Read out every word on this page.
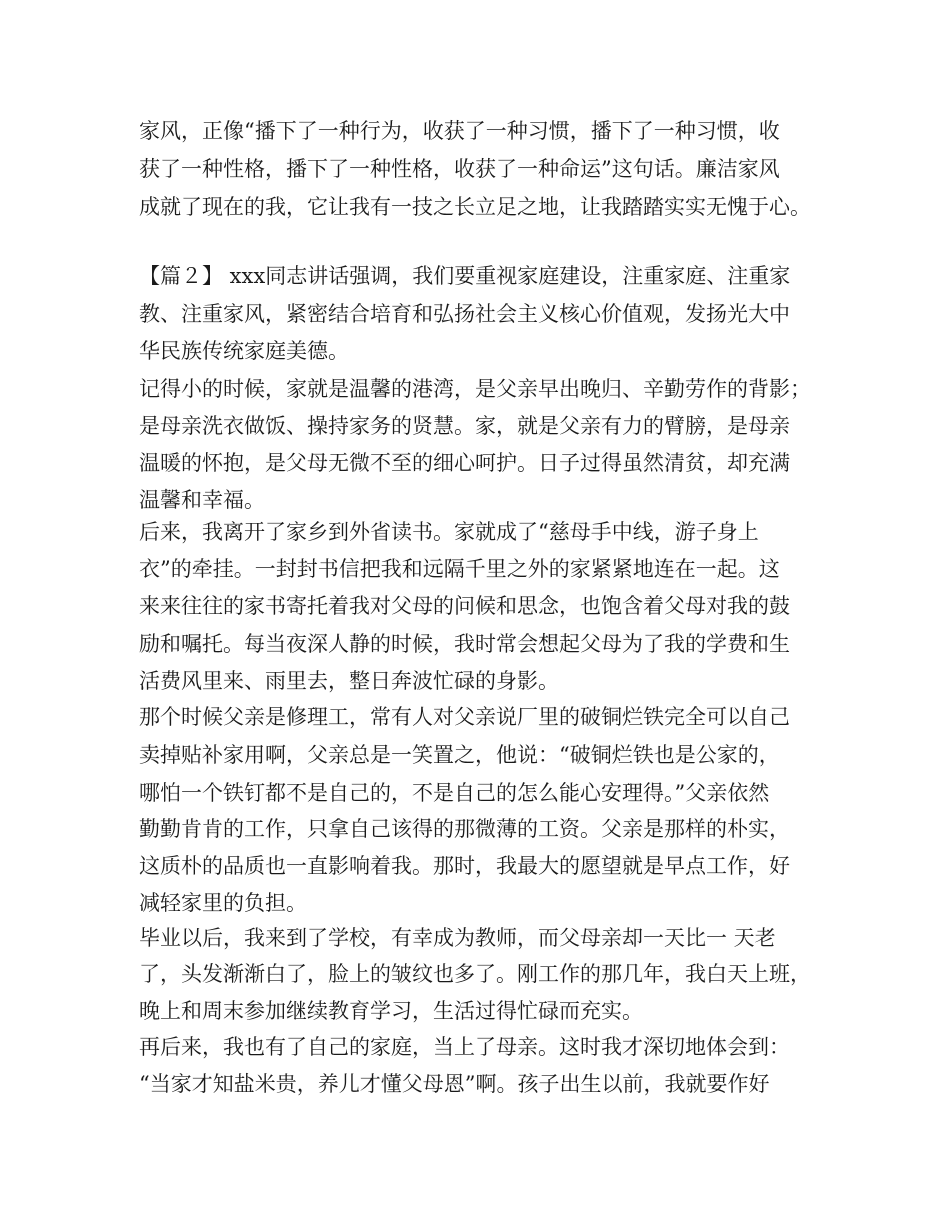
家风，正像“播下了一种行为，收获了一种习惯，播下了一种习惯，收
获了一种性格，播下了一种性格，收获了一种命运”这句话。廉洁家风
成就了现在的我，它让我有一技之长立足之地，让我踏踏实实无愧于心。
【篇２】 xxx同志讲话强调，我们要重视家庭建设，注重家庭、注重家
教、注重家风，紧密结合培育和弘扬社会主义核心价值观，发扬光大中
华民族传统家庭美德。
记得小的时候，家就是温馨的港湾，是父亲早出晚归、辛勤劳作的背影；
是母亲洗衣做饭、操持家务的贤慧。家，就是父亲有力的臂膀，是母亲
温暖的怀抱，是父母无微不至的细心呵护。日子过得虽然清贫，却充满
温馨和幸福。
后来，我离开了家乡到外省读书。家就成了“慈母手中线，游子身上
衣”的牵挂。一封封书信把我和远隔千里之外的家紧紧地连在一起。这
来来往往的家书寄托着我对父母的问候和思念，也饱含着父母对我的鼓
励和嘱托。每当夜深人静的时候，我时常会想起父母为了我的学费和生
活费风里来、雨里去，整日奔波忙碌的身影。
那个时候父亲是修理工，常有人对父亲说厂里的破铜烂铁完全可以自己
卖掉贴补家用啊，父亲总是一笑置之，他说：“破铜烂铁也是公家的，
哪怕一个铁钉都不是自己的，不是自己的怎么能心安理得。”父亲依然
勤勤肯肯的工作，只拿自己该得的那微薄的工资。父亲是那样的朴实，
这质朴的品质也一直影响着我。那时，我最大的愿望就是早点工作，好
减轻家里的负担。
毕业以后，我来到了学校，有幸成为教师，而父母亲却一天比一 天老
了，头发渐渐白了，脸上的皱纹也多了。刚工作的那几年，我白天上班，
晚上和周末参加继续教育学习，生活过得忙碌而充实。
再后来，我也有了自己的家庭，当上了母亲。这时我才深切地体会到：
“当家才知盐米贵，养儿才懂父母恩”啊。孩子出生以前，我就要作好
